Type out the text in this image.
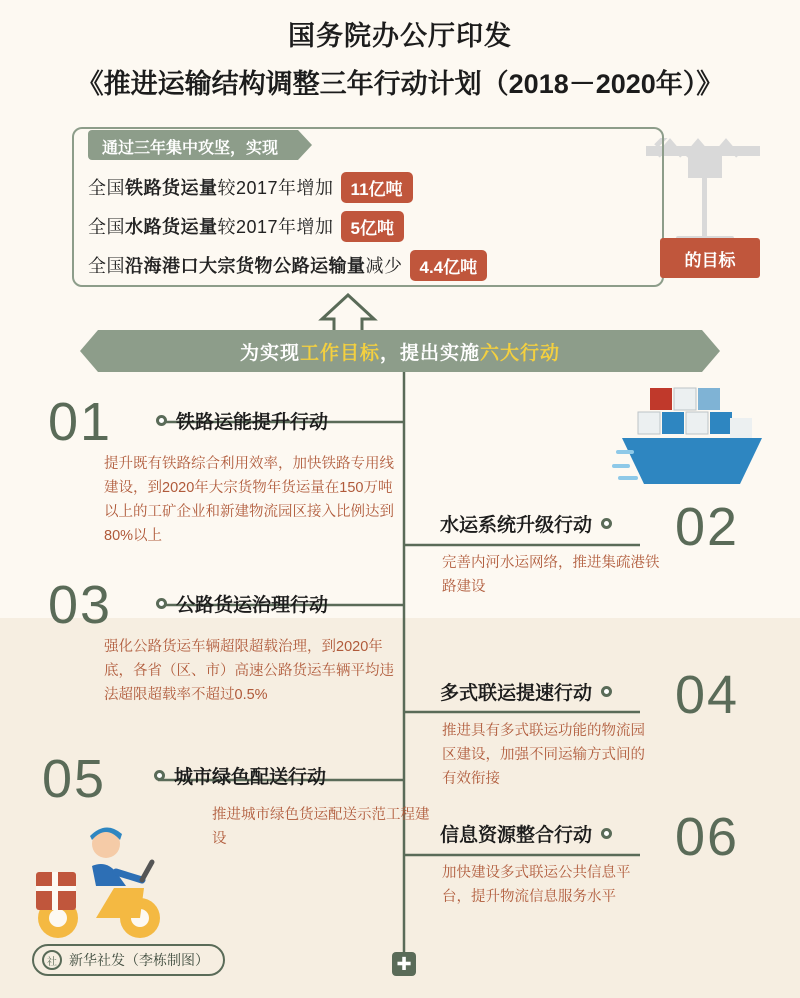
国务院办公厅印发
《推进运输结构调整三年行动计划（2018－2020年）》
的目标
通过三年集中攻坚，实现
全国铁路货运量较2017年增加	11亿吨
全国水路货运量较2017年增加	5亿吨
全国沿海港口大宗货物公路运输量减少	4.4亿吨
为实现 工作目标 ，提出实施 六大行动
01	铁路运能提升行动
提升既有铁路综合利用效率，加快铁路专用线建设，到2020年大宗货物年货运量在150万吨以上的工矿企业和新建物流园区接入比例达到80%以上
03	公路货运治理行动
强化公路货运车辆超限超载治理，到2020年底，各省（区、市）高速公路货运车辆平均违法超限超载率不超过0.5%
05	城市绿色配送行动
推进城市绿色货运配送示范工程建设
水运系统升级行动 02
完善内河水运网络，推进集疏港铁路建设
多式联运提速行动 04
推进具有多式联运功能的物流园区建设，加强不同运输方式间的有效衔接
信息资源整合行动 06
加快建设多式联运公共信息平台，提升物流信息服务水平
✚
社 新华社发（李栋制图）
